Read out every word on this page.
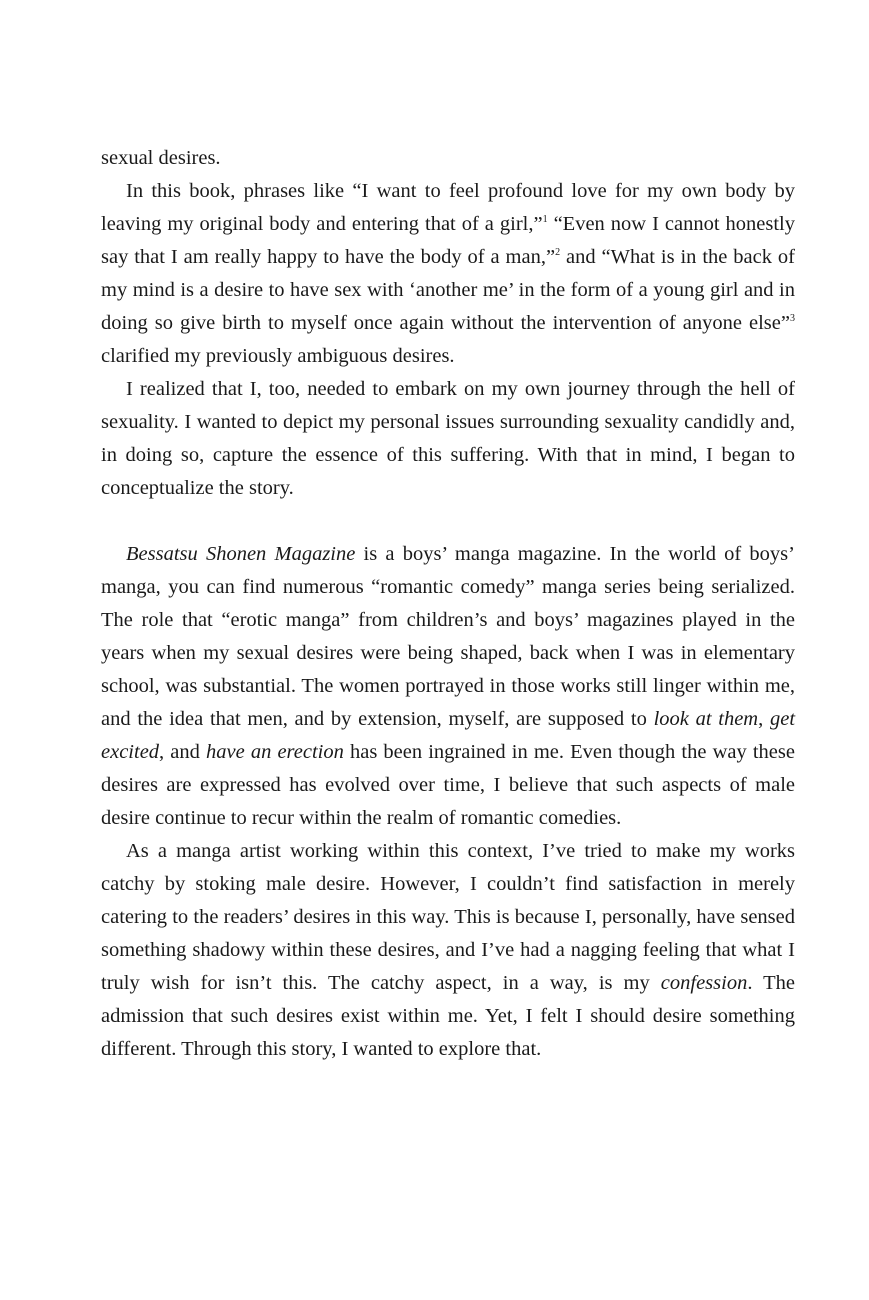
sexual desires.

In this book, phrases like “I want to feel profound love for my own body by leaving my original body and entering that of a girl,”$^1$ “Even now I cannot honestly say that I am really happy to have the body of a man,”$^2$ and “What is in the back of my mind is a desire to have sex with ‘another me’ in the form of a young girl and in doing so give birth to myself once again without the intervention of anyone else”$^3$ clarified my previously ambiguous desires.

I realized that I, too, needed to embark on my own journey through the hell of sexuality. I wanted to depict my personal issues surrounding sexuality candidly and, in doing so, capture the essence of this suffering. With that in mind, I began to conceptualize the story.

Bessatsu Shonen Magazine is a boys’ manga magazine. In the world of boys’ manga, you can find numerous “romantic comedy” manga series being serialized. The role that “erotic manga” from children’s and boys’ magazines played in the years when my sexual desires were being shaped, back when I was in elementary school, was substantial. The women portrayed in those works still linger within me, and the idea that men, and by extension, myself, are supposed to look at them, get excited, and have an erection has been ingrained in me. Even though the way these desires are expressed has evolved over time, I believe that such aspects of male desire continue to recur within the realm of romantic comedies.

As a manga artist working within this context, I’ve tried to make my works catchy by stoking male desire. However, I couldn’t find satisfaction in merely catering to the readers’ desires in this way. This is because I, personally, have sensed something shadowy within these desires, and I’ve had a nagging feeling that what I truly wish for isn’t this. The catchy aspect, in a way, is my confession. The admission that such desires exist within me. Yet, I felt I should desire something different. Through this story, I wanted to explore that.
